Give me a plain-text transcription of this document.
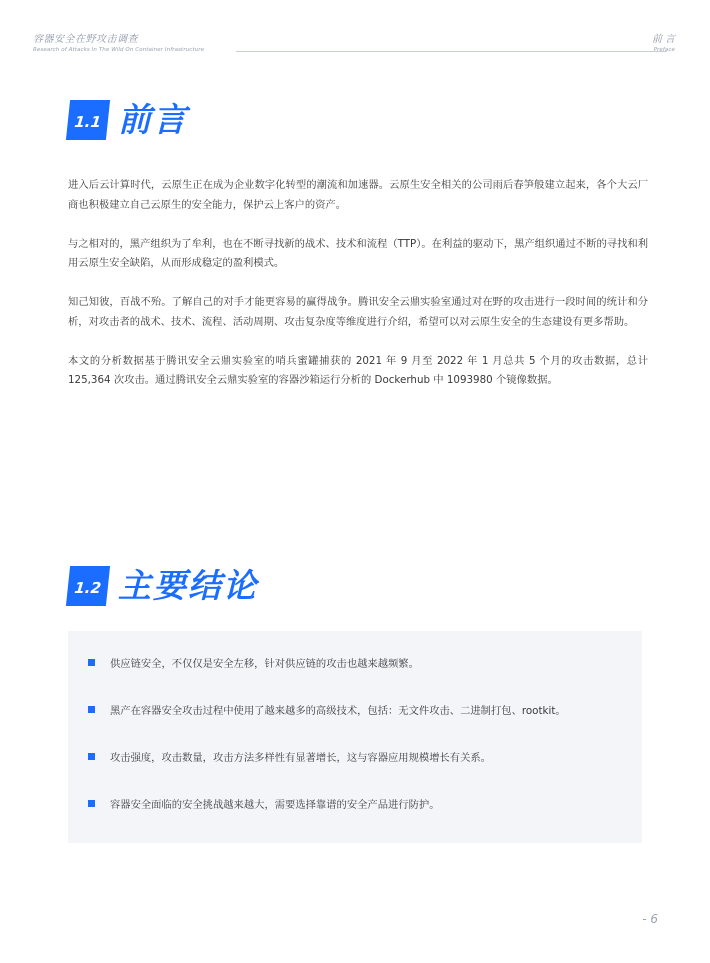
容器安全在野攻击调查
Research of Attacks In The Wild On Container Infrastructure
前言
Preface
1.1 前言

进入后云计算时代，云原生正在成为企业数字化转型的潮流和加速器。云原生安全相关的公司雨后春笋般建立起来，各个大云厂商也积极建立自己云原生的安全能力，保护云上客户的资产。

与之相对的，黑产组织为了牟利，也在不断寻找新的战术、技术和流程（TTP）。在利益的驱动下，黑产组织通过不断的寻找和利用云原生安全缺陷，从而形成稳定的盈利模式。

知己知彼，百战不殆。了解自己的对手才能更容易的赢得战争。腾讯安全云鼎实验室通过对在野的攻击进行一段时间的统计和分析，对攻击者的战术、技术、流程、活动周期、攻击复杂度等维度进行介绍，希望可以对云原生安全的生态建设有更多帮助。

本文的分析数据基于腾讯安全云鼎实验室的哨兵蜜罐捕获的 2021 年 9 月至 2022 年 1 月总共 5 个月的攻击数据，总计 125,364 次攻击。通过腾讯安全云鼎实验室的容器沙箱运行分析的 Dockerhub 中 1093980 个镜像数据。

1.2 主要结论
供应链安全，不仅仅是安全左移，针对供应链的攻击也越来越频繁。
黑产在容器安全攻击过程中使用了越来越多的高级技术，包括：无文件攻击、二进制打包、rootkit。
攻击强度，攻击数量，攻击方法多样性有显著增长，这与容器应用规模增长有关系。
容器安全面临的安全挑战越来越大，需要选择靠谱的安全产品进行防护。
- 6
